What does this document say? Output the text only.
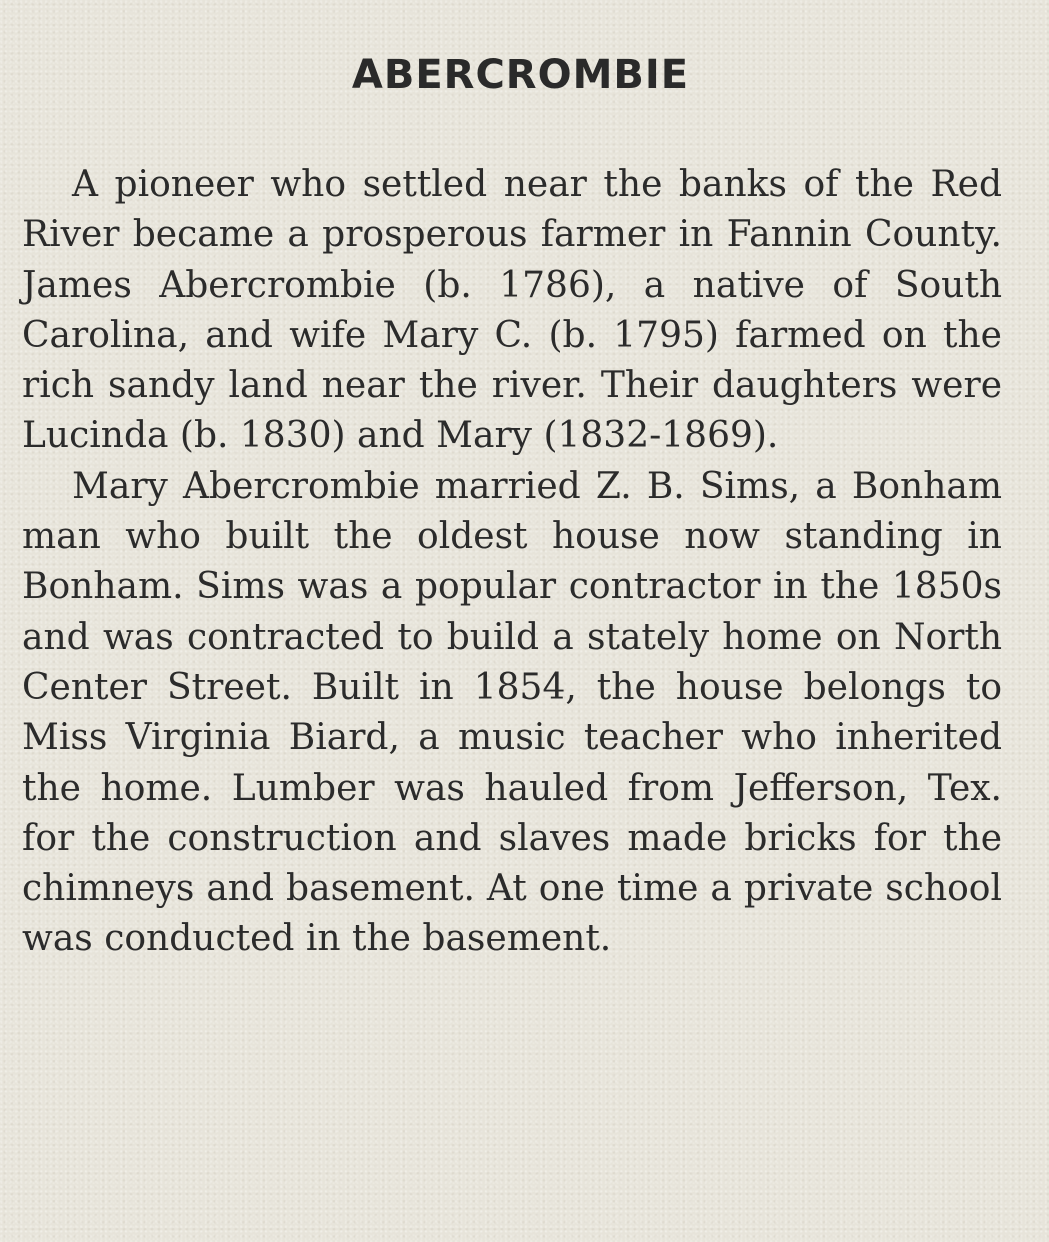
ABERCROMBIE

A pioneer who settled near the banks of the Red River became a prosperous farmer in Fannin County. James Abercrombie (b. 1786), a native of South Carolina, and wife Mary C. (b. 1795) farmed on the rich sandy land near the river. Their daughters were Lucinda (b. 1830) and Mary (1832-1869).

Mary Abercrombie married Z. B. Sims, a Bonham man who built the oldest house now standing in Bonham. Sims was a popular contractor in the 1850s and was contracted to build a stately home on North Center Street. Built in 1854, the house belongs to Miss Virginia Biard, a music teacher who inherited the home. Lumber was hauled from Jefferson, Tex. for the construction and slaves made bricks for the chimneys and basement. At one time a private school was conducted in the basement.
